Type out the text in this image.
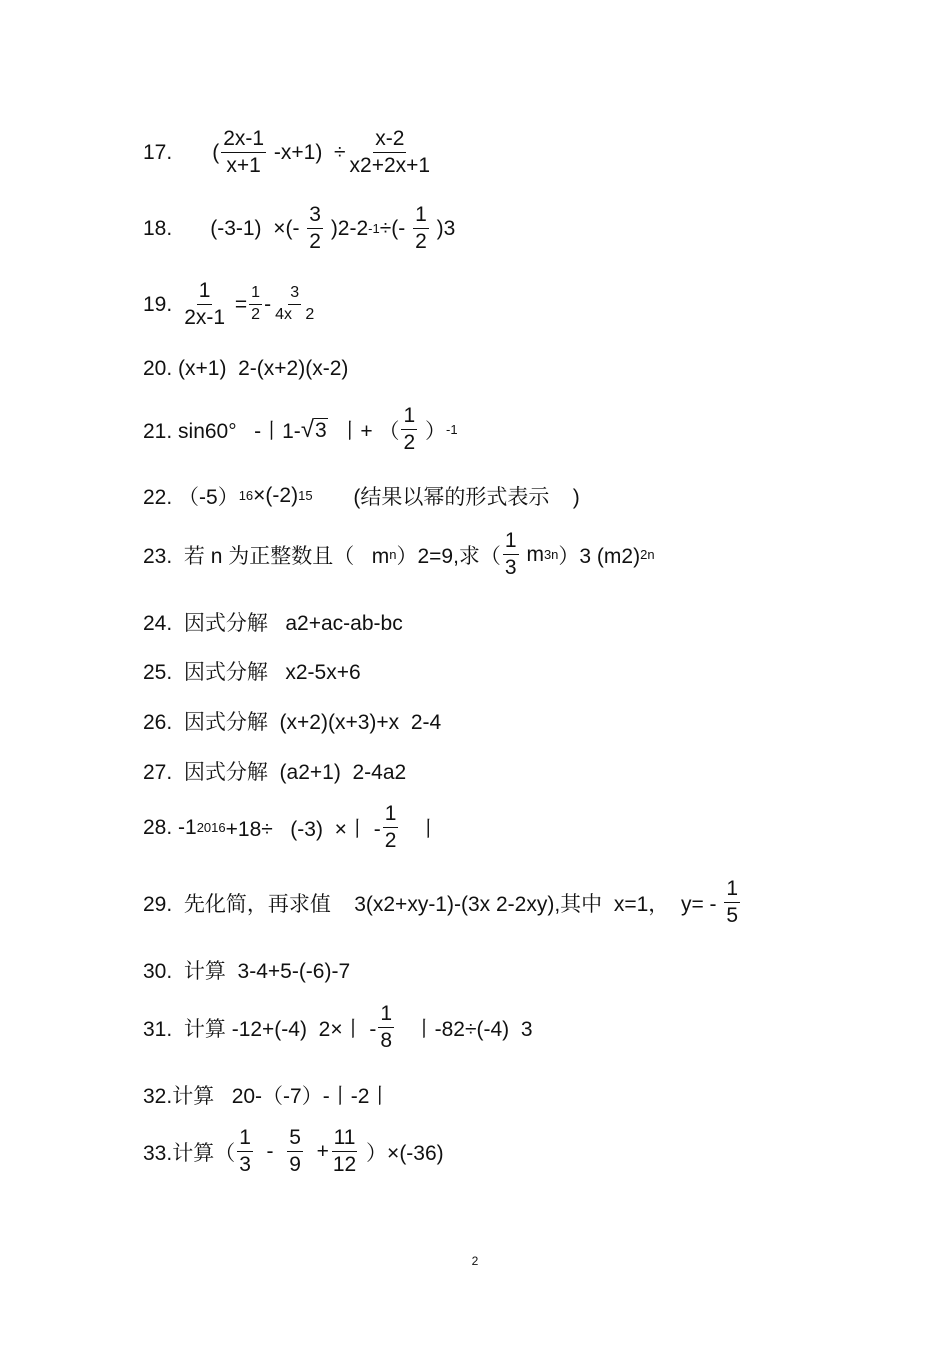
17. ( $\frac{2x-1}{x+1} -x+1) \div \frac{x-2}{x2+2x+1}$
18. (-3-1)  ×(- $\frac{3}{2} )2-2$ -1 ÷(- $\frac{1}{2} )3$
19. $\frac{1}{2x-1} = \frac{1}{2} - \frac{3}{4x 2}$
20. (x+1)  2-(x+2)(x-2)
21. sin60°   -丨1- √ 3 丨+ （ $\frac{1}{2}$ ） -1
22. （-5） 16 ×(-2) 15 (结果以幂的形式表示    )
23.  若 n 为正整数且（   m n ）2=9,求（ $\frac{1}{3}$ m 3n ）3 (m2) 2n
24.  因式分解   a2+ac-ab-bc
25.  因式分解   x2-5x+6
26.  因式分解  (x+2)(x+3)+x  2-4
27.  因式分解  (a2+1)  2-4a2
28. -1 2016 +18÷   (-3)  ×丨 - $\frac{1}{2}$ 丨
29.  先化简，再求值    3(x2+xy-1)-(3x 2-2xy),其中  x=1，  $y= - \frac{1}{5}$
30.  计算  3-4+5-(-6)-7
31.  计算 -12+(-4)  2×丨 - $\frac{1}{8}$ 丨-82÷(-4)  3
32.计算   20-（-7）-丨-2丨
33.计算（ $\frac{1}{3} - \frac{5}{9} + \frac{11}{12} )\times(-36)$
2
